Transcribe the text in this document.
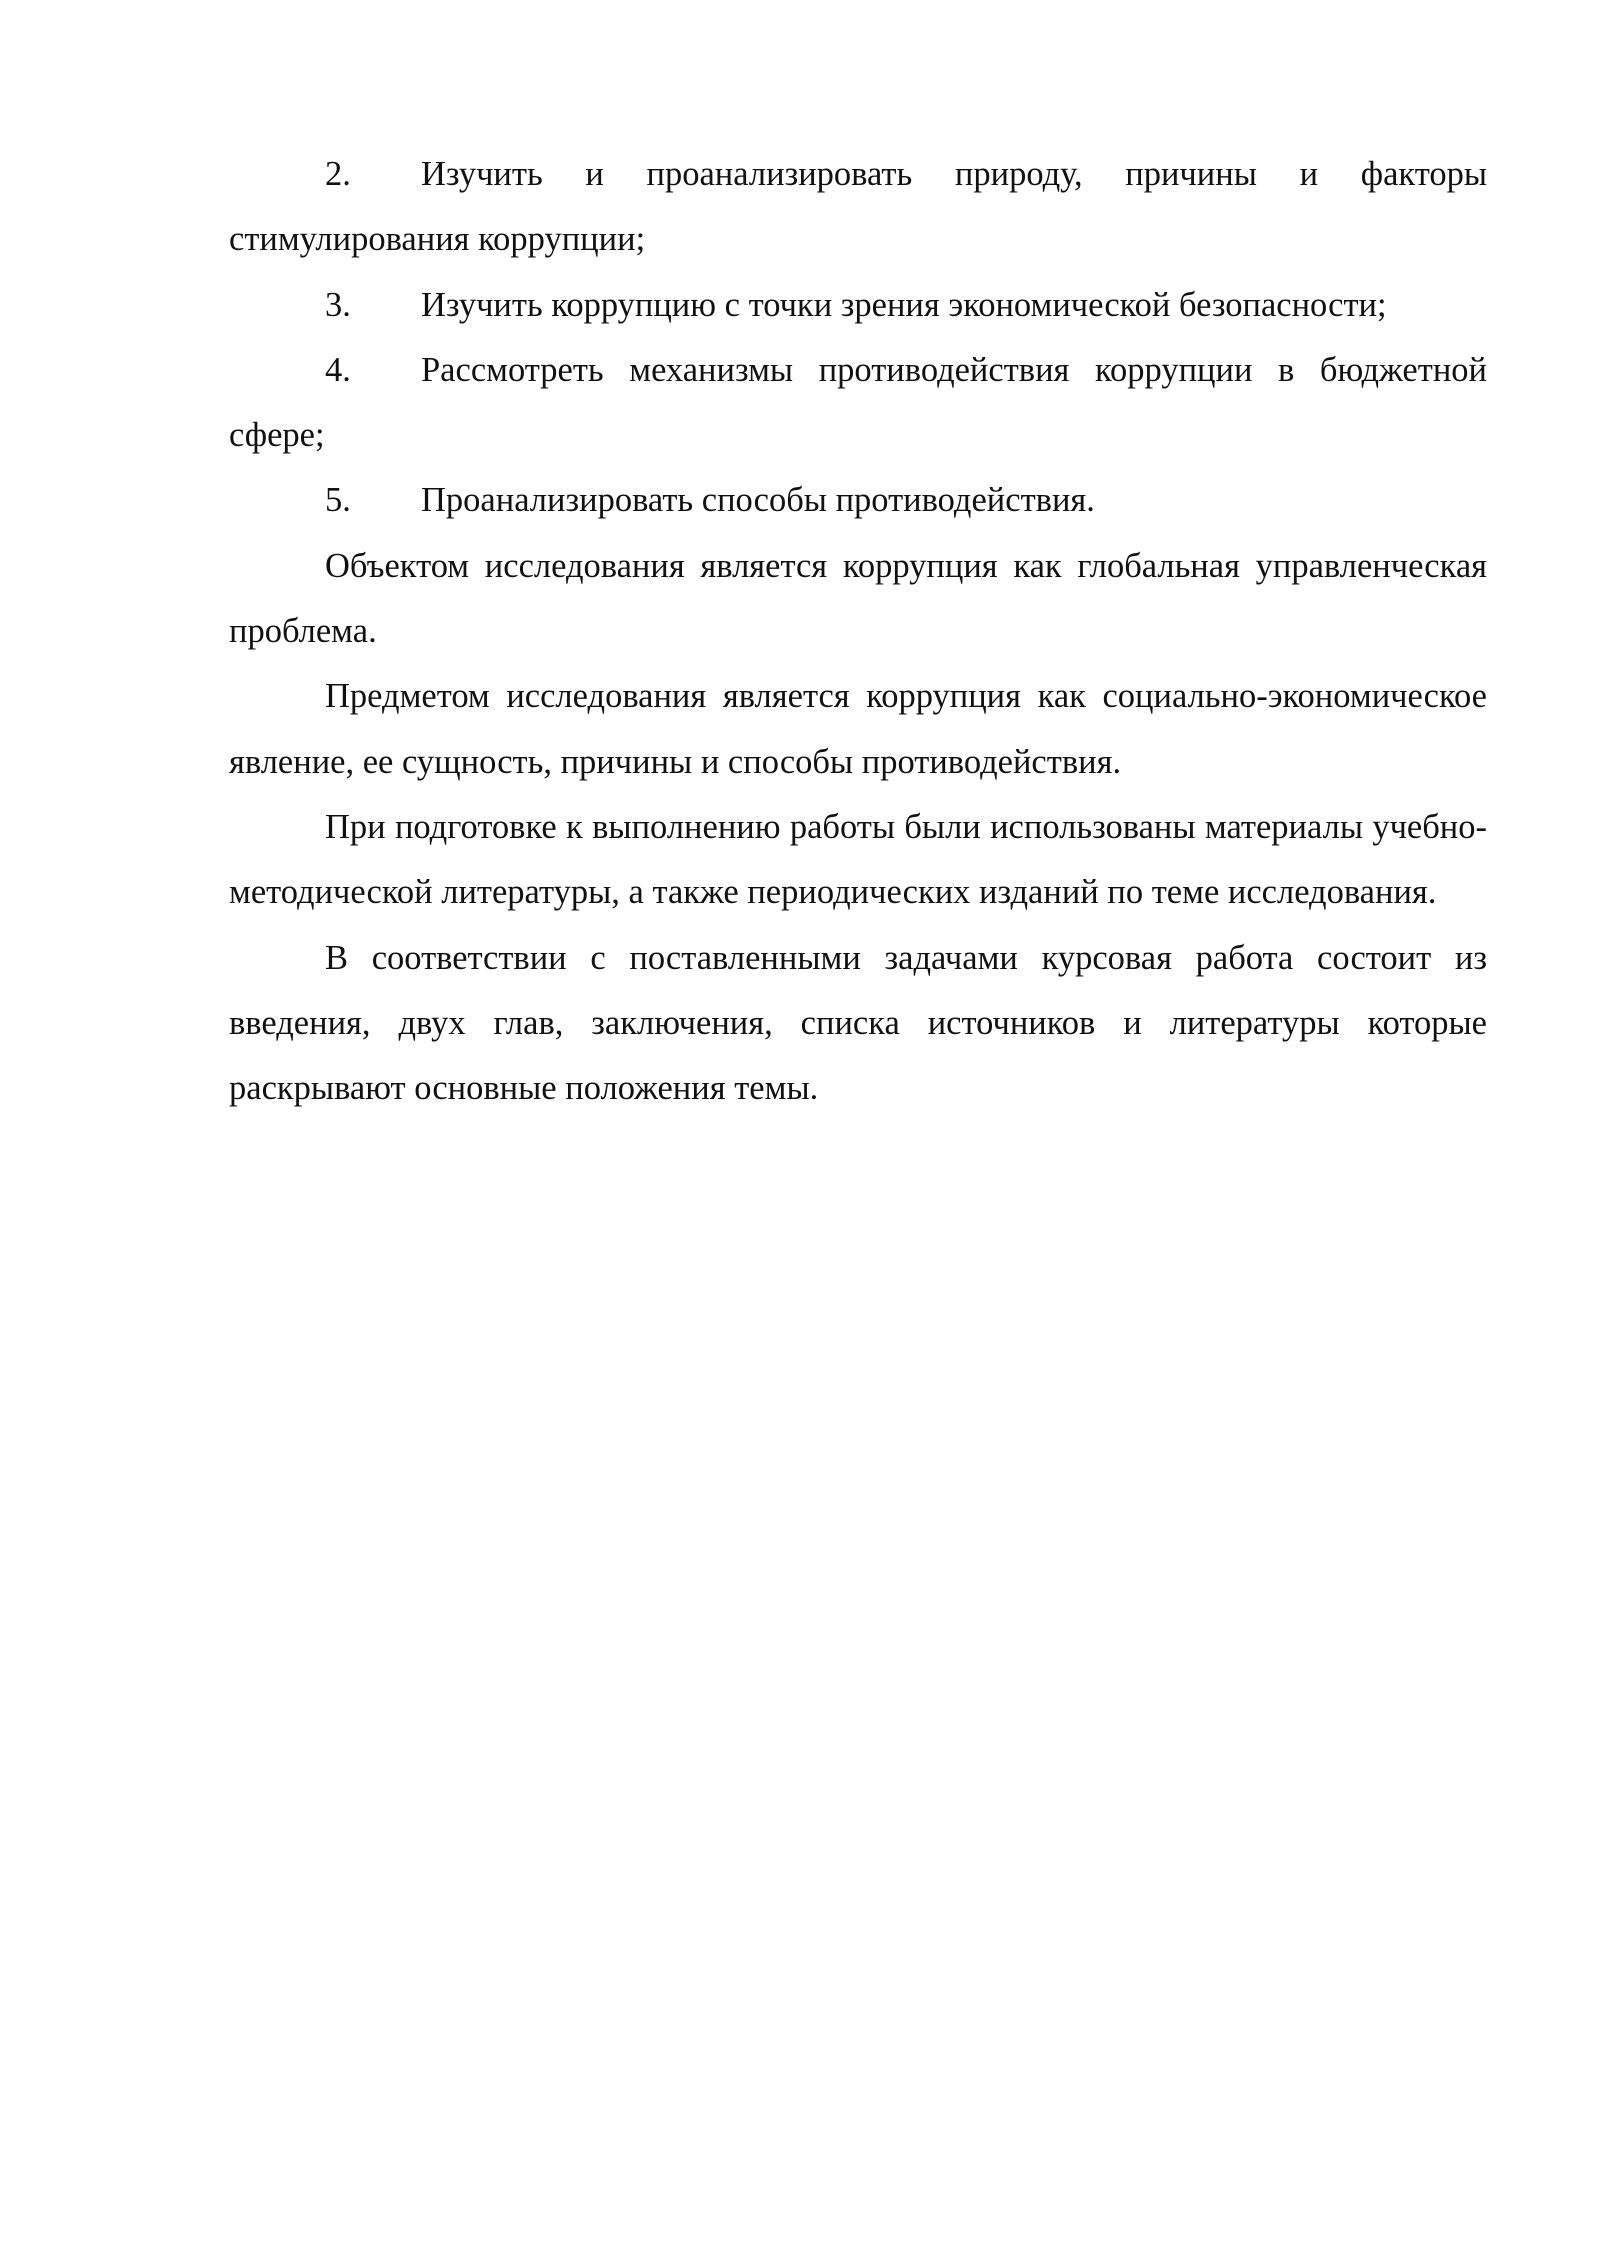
2. Изучить и проанализировать природу, причины и факторы стимулирования коррупции;

3. Изучить коррупцию с точки зрения экономической безопасности;

4. Рассмотреть механизмы противодействия коррупции в бюджетной сфере;

5. Проанализировать способы противодействия.

Объектом исследования является коррупция как глобальная управленческая проблема.

Предметом исследования является коррупция как социально-экономическое явление, ее сущность, причины и способы противодействия.

При подготовке к выполнению работы были использованы материалы учебно-методической литературы, а также периодических изданий по теме исследования.

В соответствии с поставленными задачами курсовая работа состоит из введения, двух глав, заключения, списка источников и литературы которые раскрывают основные положения темы.
